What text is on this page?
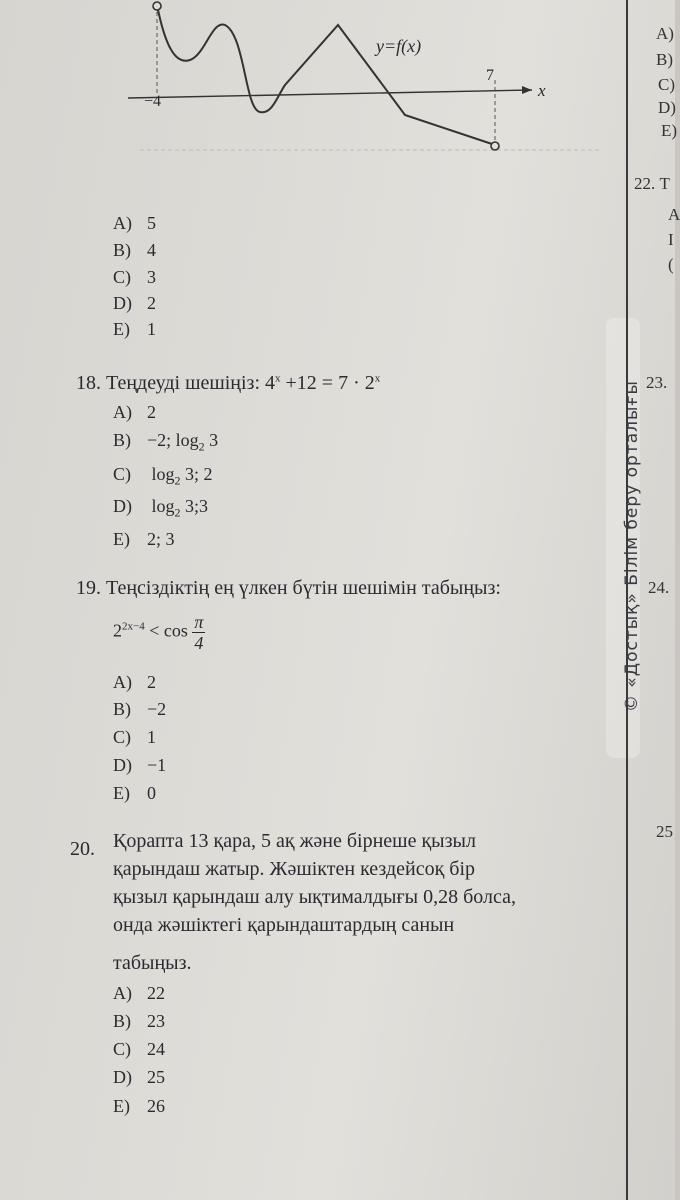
y=f(x)
−4
7
x
A) 5
B) 4
C) 3
D) 2
E) 1
18. Теңдеуді шешіңіз: $4^x +12 = 7 \cdot 2^x$
A) 2
B) −2; $\log_2 3$
C) $\log_2 3$; 2
D) $\log_2$ 3;3
E) 2; 3
19. Теңсіздіктің ең үлкен бүтін шешімін табыңыз:
$2^{2x-4} < \cos \frac{\pi}{4}$
A) 2
B) −2
C) 1
D) −1
E) 0
20. Қорапта 13 қара, 5 ақ және бірнеше қызыл
қарындаш жатыр. Жәшіктен кездейсоқ бір
қызыл қарындаш алу ықтималдығы 0,28 болса,
онда жәшіктегі қарындаштардың санын
табыңыз.
A) 22
B) 23
C) 24
D) 25
E) 26
© «Достық» Білім беру орталығы
A)
B)
C)
D)
E)
22. Т
А
I
(
23.
24.
25
